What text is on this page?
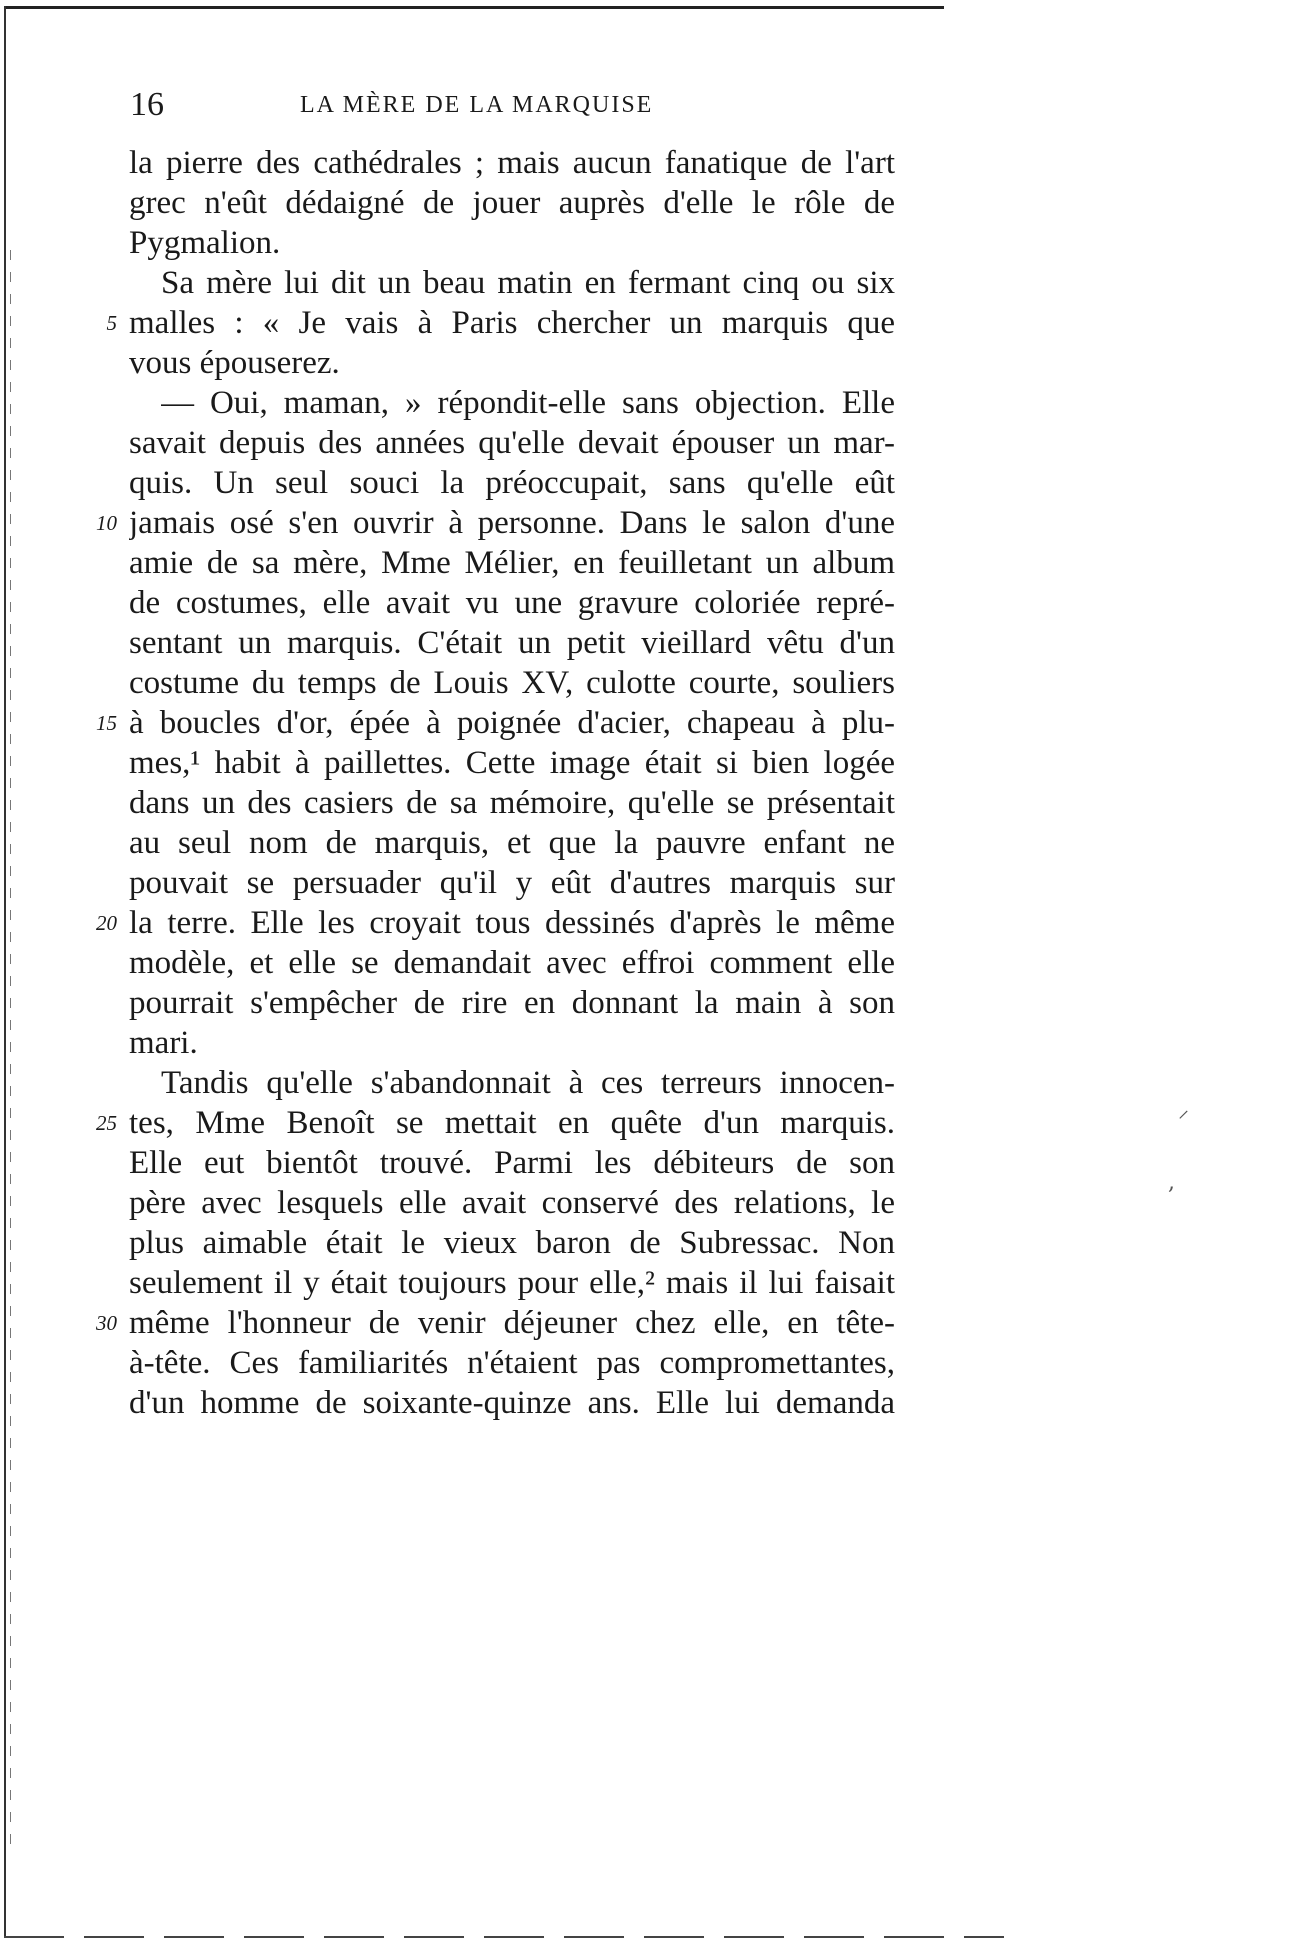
16	LA MÈRE DE LA MARQUISE
la pierre des cathédrales ; mais aucun fanatique de l'art
grec n'eût dédaigné de jouer auprès d'elle le rôle de
Pygmalion.
Sa mère lui dit un beau matin en fermant cinq ou six
5 malles : « Je vais à Paris chercher un marquis que
vous épouserez.
— Oui, maman, » répondit-elle sans objection. Elle
savait depuis des années qu'elle devait épouser un mar-
quis. Un seul souci la préoccupait, sans qu'elle eût
10 jamais osé s'en ouvrir à personne. Dans le salon d'une
amie de sa mère, Mme Mélier, en feuilletant un album
de costumes, elle avait vu une gravure coloriée repré-
sentant un marquis. C'était un petit vieillard vêtu d'un
costume du temps de Louis XV, culotte courte, souliers
15 à boucles d'or, épée à poignée d'acier, chapeau à plu-
mes,¹ habit à paillettes. Cette image était si bien logée
dans un des casiers de sa mémoire, qu'elle se présentait
au seul nom de marquis, et que la pauvre enfant ne
pouvait se persuader qu'il y eût d'autres marquis sur
20 la terre. Elle les croyait tous dessinés d'après le même
modèle, et elle se demandait avec effroi comment elle
pourrait s'empêcher de rire en donnant la main à son
mari.
Tandis qu'elle s'abandonnait à ces terreurs innocen-
25 tes, Mme Benoît se mettait en quête d'un marquis.
Elle eut bientôt trouvé. Parmi les débiteurs de son
père avec lesquels elle avait conservé des relations, le
plus aimable était le vieux baron de Subressac. Non
seulement il y était toujours pour elle,² mais il lui faisait
30 même l'honneur de venir déjeuner chez elle, en tête-
à-tête. Ces familiarités n'étaient pas compromettantes,
d'un homme de soixante-quinze ans. Elle lui demanda
⸝
,
